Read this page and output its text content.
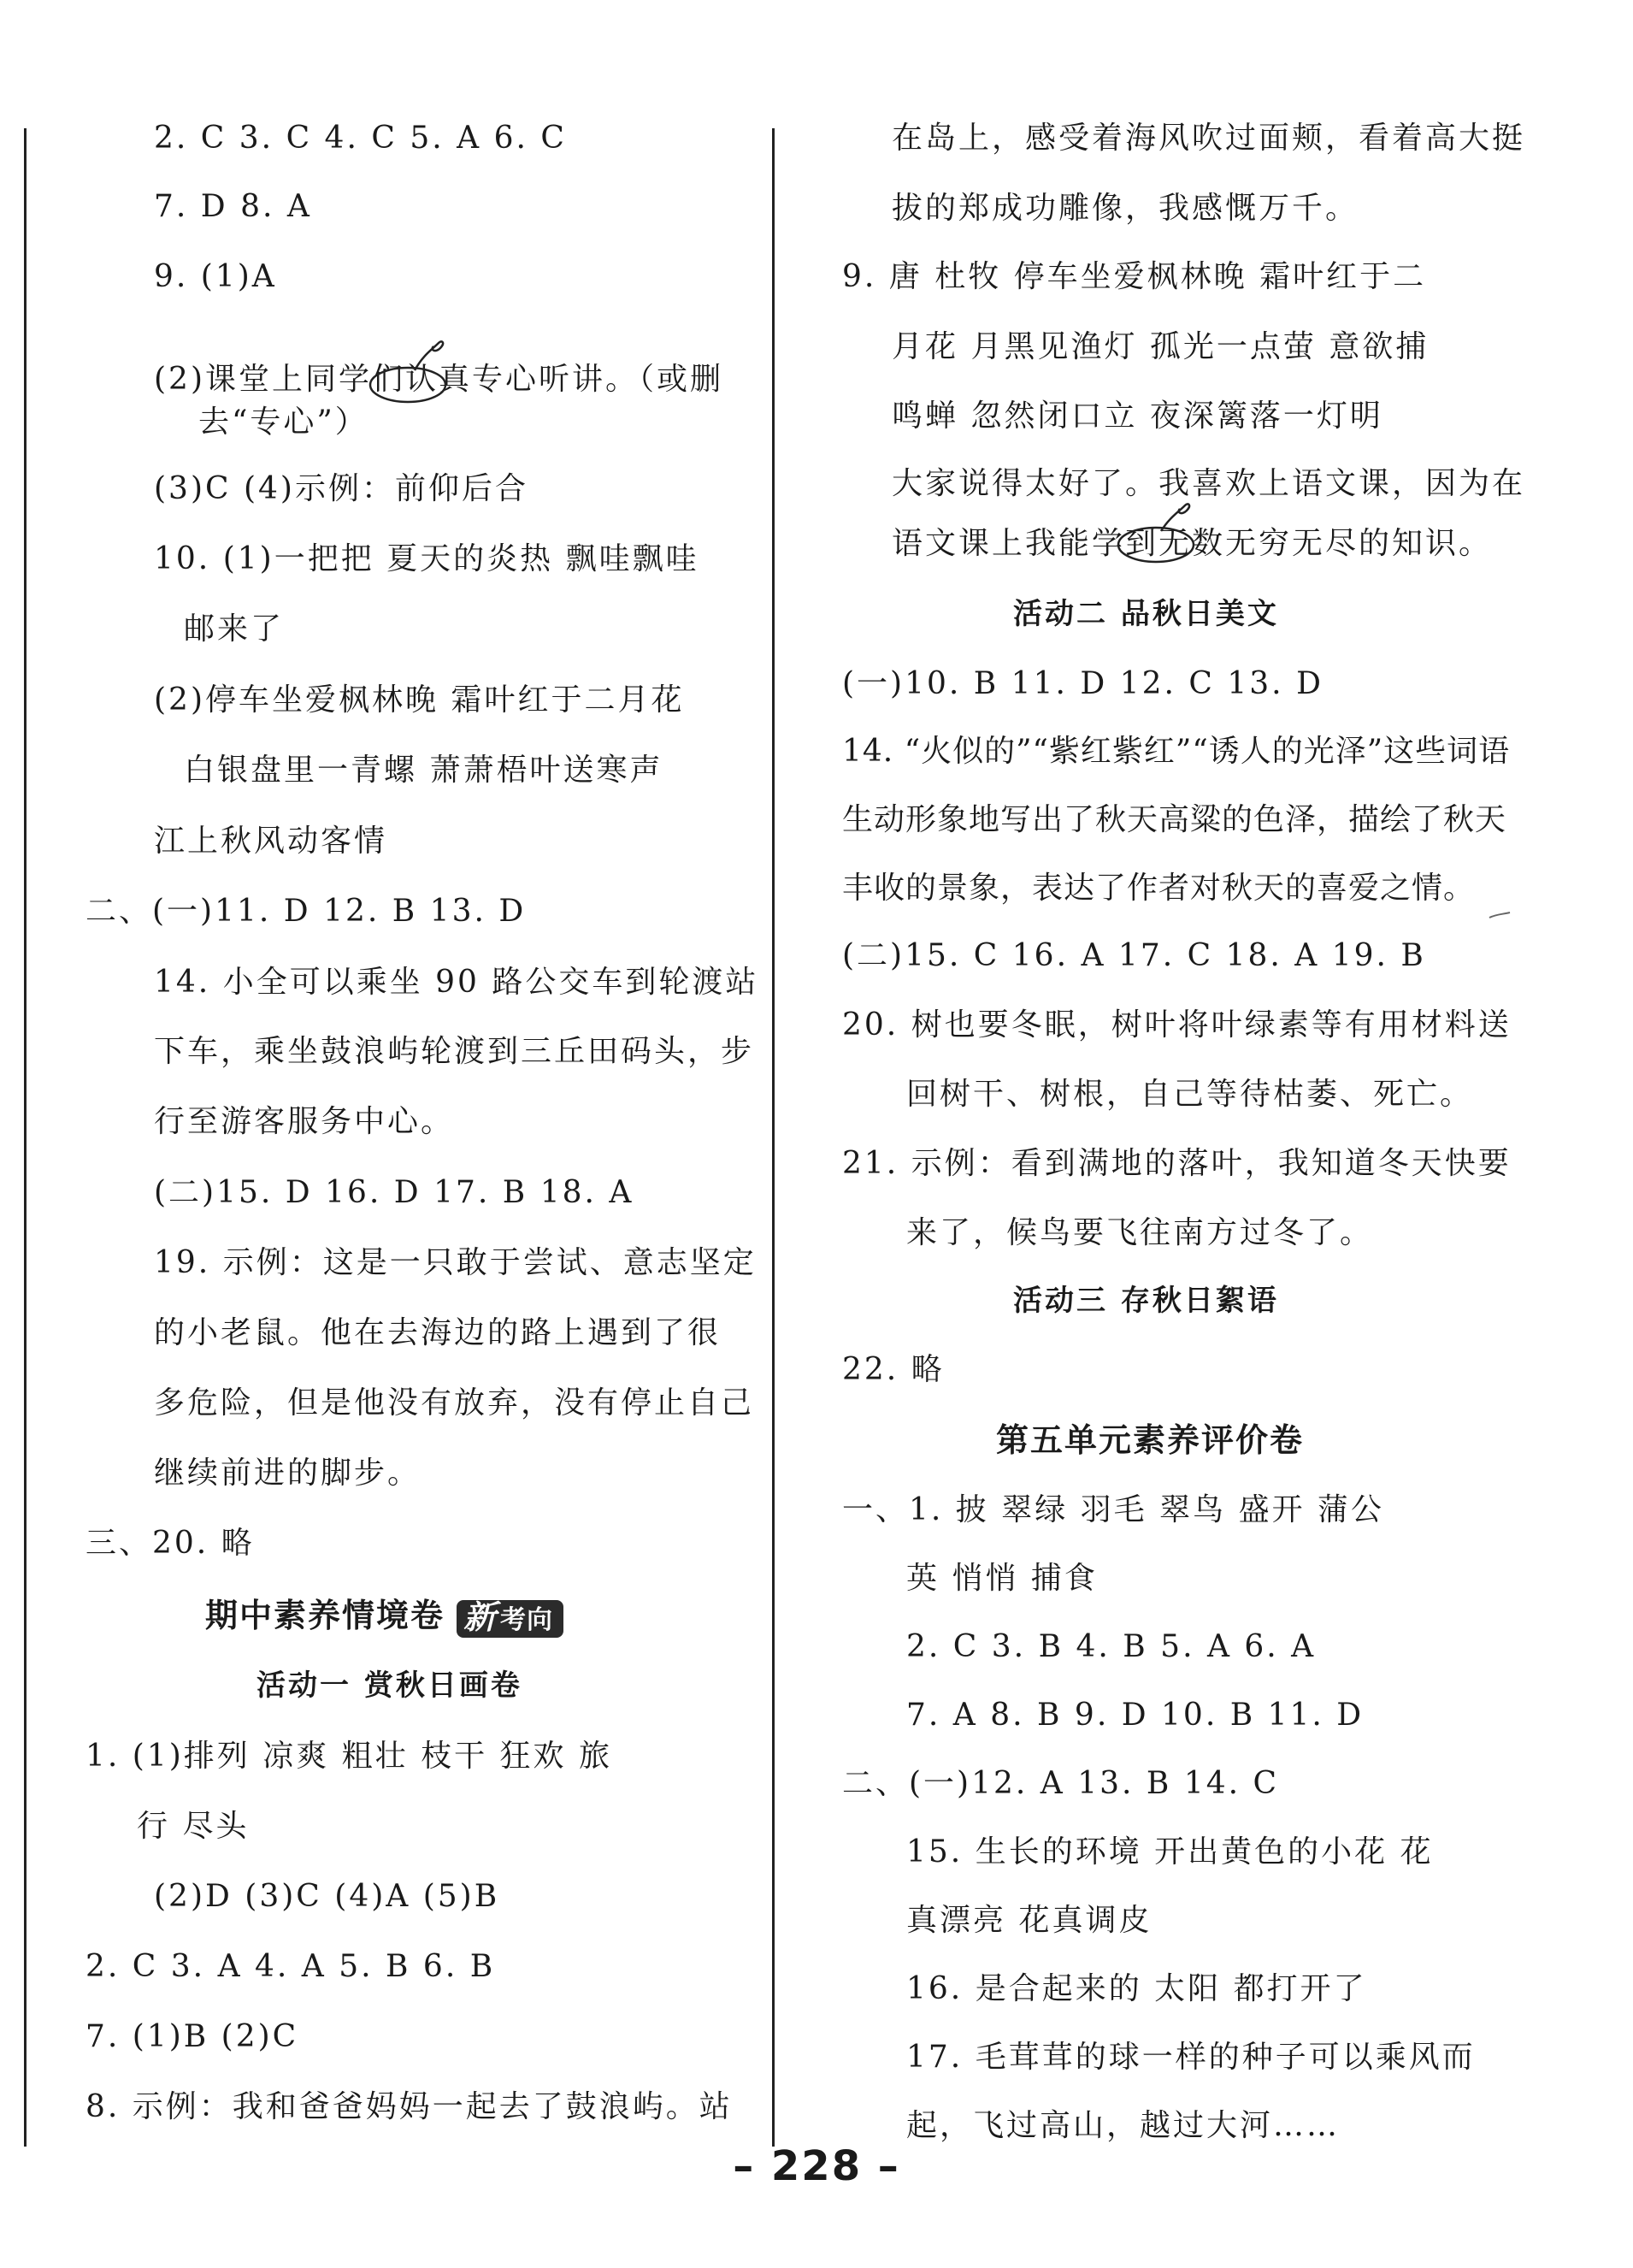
2. C 3. C 4. C 5. A 6. C
7. D 8. A
9. (1)A
(2)课堂上同学们认真专心听讲。（或删
去“专心”）
(3)C (4)示例：前仰后合
10. (1)一把把 夏天的炎热 飘哇飘哇
邮来了
(2)停车坐爱枫林晚 霜叶红于二月花
白银盘里一青螺 萧萧梧叶送寒声
江上秋风动客情
二、(一)11. D 12. B 13. D
14. 小全可以乘坐 90 路公交车到轮渡站
下车，乘坐鼓浪屿轮渡到三丘田码头，步
行至游客服务中心。
(二)15. D 16. D 17. B 18. A
19. 示例：这是一只敢于尝试、意志坚定
的小老鼠。他在去海边的路上遇到了很
多危险，但是他没有放弃，没有停止自己
继续前进的脚步。
三、20. 略
期中素养情境卷 新 考向
活动一 赏秋日画卷
1. (1)排列 凉爽 粗壮 枝干 狂欢 旅
行 尽头
(2)D (3)C (4)A (5)B
2. C 3. A 4. A 5. B 6. B
7. (1)B (2)C
8. 示例：我和爸爸妈妈一起去了鼓浪屿。站
在岛上，感受着海风吹过面颊，看着高大挺
拔的郑成功雕像，我感慨万千。
9. 唐 杜牧 停车坐爱枫林晚 霜叶红于二
月花 月黑见渔灯 孤光一点萤 意欲捕
鸣蝉 忽然闭口立 夜深篱落一灯明
大家说得太好了。我喜欢上语文课，因为在
语文课上我能学到无数无穷无尽的知识。
活动二 品秋日美文
(一)10. B 11. D 12. C 13. D
14. “火似的”“紫红紫红”“诱人的光泽”这些词语
生动形象地写出了秋天高粱的色泽，描绘了秋天
丰收的景象，表达了作者对秋天的喜爱之情。
(二)15. C 16. A 17. C 18. A 19. B
20. 树也要冬眠，树叶将叶绿素等有用材料送
回树干、树根，自己等待枯萎、死亡。
21. 示例：看到满地的落叶，我知道冬天快要
来了，候鸟要飞往南方过冬了。
活动三 存秋日絮语
22. 略
第五单元素养评价卷
一、1. 披 翠绿 羽毛 翠鸟 盛开 蒲公
英 悄悄 捕食
2. C 3. B 4. B 5. A 6. A
7. A 8. B 9. D 10. B 11. D
二、(一)12. A 13. B 14. C
15. 生长的环境 开出黄色的小花 花
真漂亮 花真调皮
16. 是合起来的 太阳 都打开了
17. 毛茸茸的球一样的种子可以乘风而
起，飞过高山，越过大河……
– 228 –
